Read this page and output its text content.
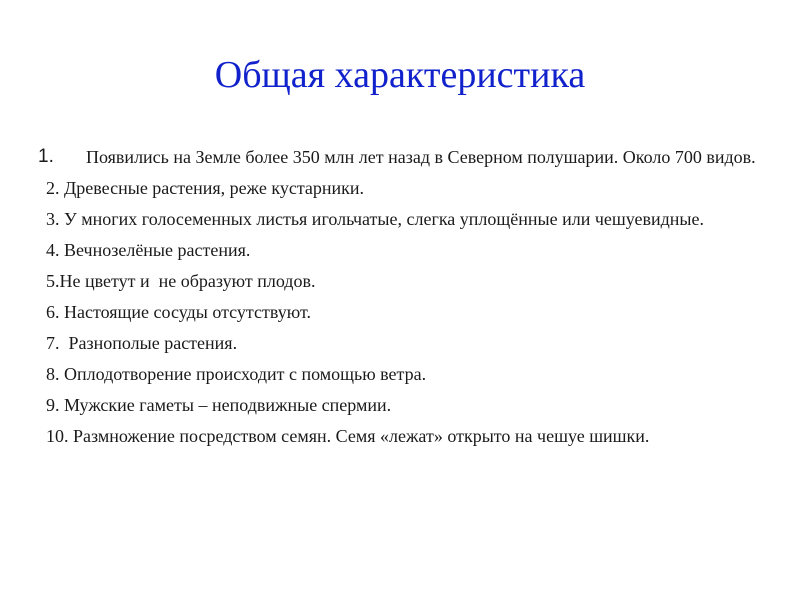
Общая характеристика
1. Появились на Земле более 350 млн лет назад в Северном полушарии. Около 700 видов.
2. Древесные растения, реже кустарники.
3. У многих голосеменных листья игольчатые, слегка уплощённые или чешуевидные.
4. Вечнозелёные растения.
5.Не цветут и  не образуют плодов.
6. Настоящие сосуды отсутствуют.
7.  Разнополые растения.
8. Оплодотворение происходит с помощью ветра.
9. Мужские гаметы – неподвижные спермии.
10. Размножение посредством семян. Семя «лежат» открыто на чешуе шишки.
